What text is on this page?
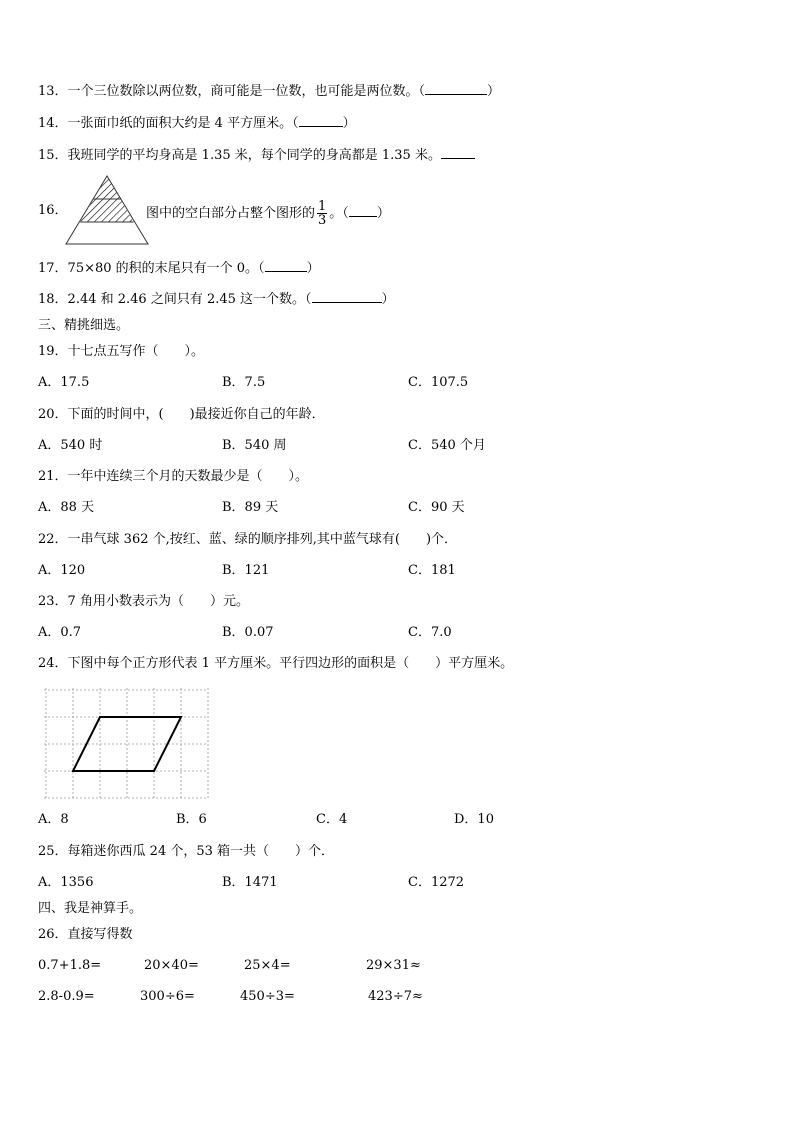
13．一个三位数除以两位数，商可能是一位数，也可能是两位数。（	）
14．一张面巾纸的面积大约是 4 平方厘米。（	）
15．我班同学的平均身高是 1.35 米，每个同学的身高都是 1.35 米。
16．	图中的空白部分占整个图形的 $\frac{1}{3}$ 。（ ）
17．75×80 的积的末尾只有一个 0。（	）
18．2.44 和 2.46 之间只有 2.45 这一个数。（	）
三、精挑细选。
19．十七点五写作（　　）。
A．17.5	B．7.5	C．107.5
20．下面的时间中，(　　)最接近你自己的年龄．
A．540 时	B．540 周	C．540 个月
21．一年中连续三个月的天数最少是（　　）。
A．88 天	B．89 天	C．90 天
22．一串气球 362 个,按红、蓝、绿的顺序排列,其中蓝气球有(　　)个．
A．120	B．121	C．181
23．7 角用小数表示为（　　）元。
A．0.7	B．0.07	C．7.0
24．下图中每个正方形代表 1 平方厘米。平行四边形的面积是（　　）平方厘米。
A．8	B．6	C．4	D．10
25．每箱迷你西瓜 24 个，53 箱一共（　　）个．
A．1356	B．1471	C．1272
四、我是神算手。
26．直接写得数
0.7+1.8=	20×40=	25×4=	29×31≈
2.8-0.9=	300÷6=	450÷3=	423÷7≈
